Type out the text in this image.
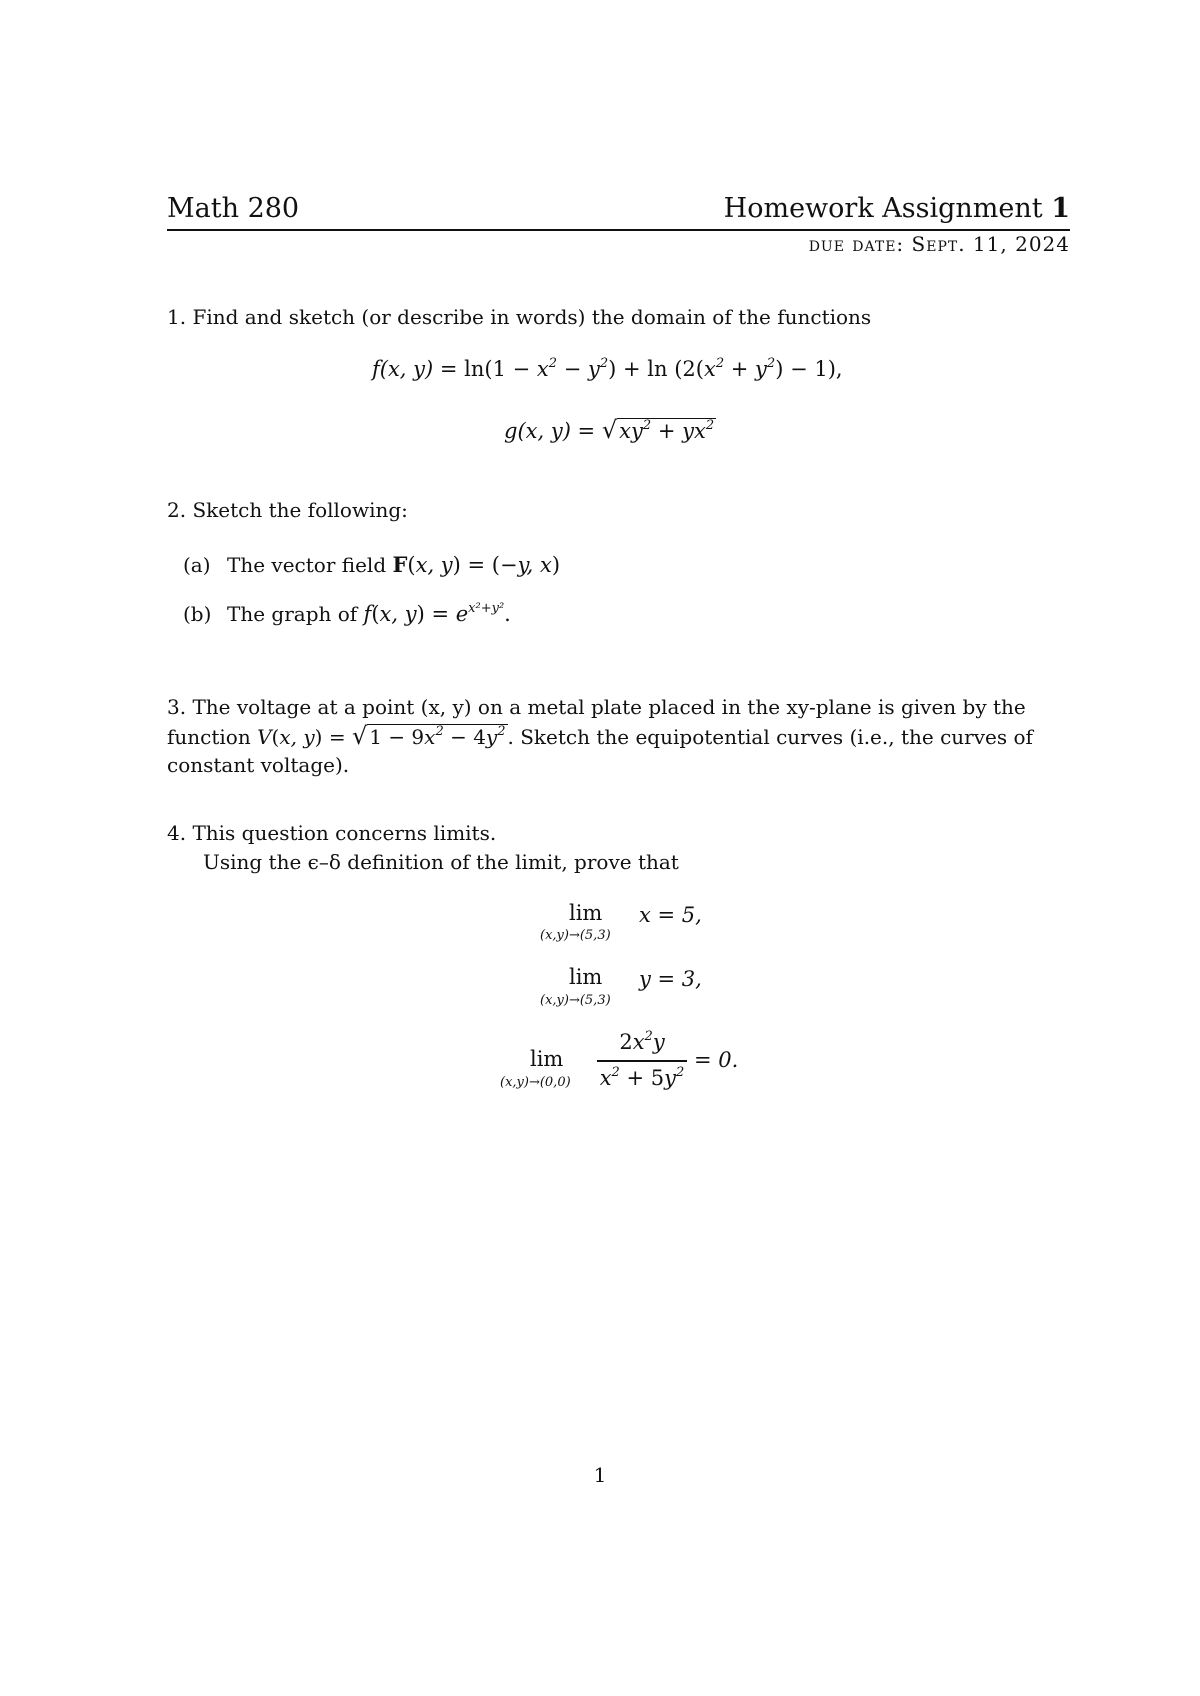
Math 280	Homework Assignment 1
due date: Sept. 11, 2024
1. Find and sketch (or describe in words) the domain of the functions
f(x, $y) = \ln(1 - x^2 - y^2) + \ln (2(x^2 + y^2) - 1)$,
g(x, $y) = √xy^2 + yx^2$
2. Sketch the following:
(a) The vector field F(x, y) = (−y, x)
(b) The graph of f(x, $y) = e^{x^2+y^2}$.
3. The voltage at a point (x, y) on a metal plate placed in the xy-plane is given by the
function V(x, y) = √ $1 - 9x^2 - 4y^2$ . Sketch the equipotential curves (i.e., the curves of
constant voltage).
4. This question concerns limits.
Using the ϵ–δ definition of the limit, prove that
lim
(x,y)→(5,3)
x = 5,
lim
(x,y)→(5,3)
y = 3,
lim
(x,y)→(0,0)
$2x^2y$
$x^2 + 5y^2$
= 0.
1
